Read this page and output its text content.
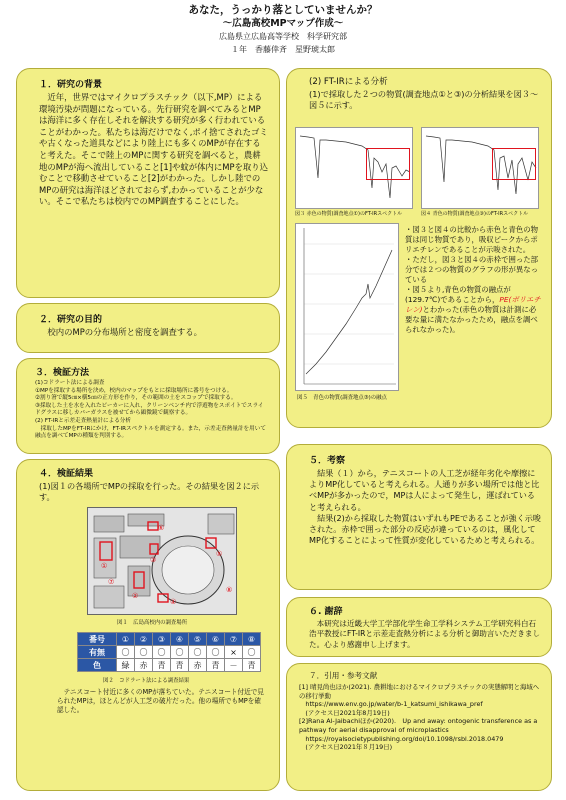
あなた，うっかり落としていませんか？
～広島高校MPマップ作成～
広島県立広島高等学校　科学研究部
１年　香藤倖斉　星野琥太郎
１．研究の背景

　近年，世界ではマイクロプラスチック（以下,MP）による環境汚染が問題になっている。先行研究を調べてみるとMPは海洋に多く存在しそれを解決する研究が多く行われていることがわかった。私たちは海だけでなく,ポイ捨てされたゴミや古くなった道具などにより陸上にも多くのMPが存在すると考えた。そこで陸上のMPに関する研究を調べると，農耕地のMPが海へ流出していること[1]や蚊が体内にMPを取り込むことで移動させていること[2]がわかった。しかし陸でのMPの研究は海洋ほどされておらず,わかっていることが少ない。そこで私たちは校内でのMP調査することにした。

２．研究の目的

　校内のMPの分布場所と密度を調査する。

３．検証方法

(1)コドラート法による調査
①MPを採取する場所を決め，校内のマップをもとに採取場所に番号をつける。
②割り箸で縦5㎝×横5㎝の正方形を作り，その範囲の土をスコップで採取する。
③採取した土を水を入れたビーカーに入れ，クリーンベンチ内で浮遊物をスポイトでスライドグラスに移しカバーガラスを被せてから顕微鏡で観察する。
(2) FT-IRと示差走査熱量計による分析
　採取したMPをFT-IRにかけ，FT-IRスペクトルを測定する。また，示差走査熱量計を用いて融点を調べてMPの種類を判別する。

４．検証結果

(1)図１の各場所でMPの採取を行った。その結果を図２に示す。

①
②
③
④
⑤
⑥
⑦
⑧
図１　広島高校内の調査場所
番号	①	②	③	④	⑤	⑥	⑦	⑧
有無	〇	〇	〇	〇	〇	〇	×	〇
色	緑	赤	青	青	赤	青	－	青
図２　コドラート法による調査結果

　テニスコート付近に多くのMPが落ちていた。テニスコート付近で見られたMPは，ほとんどが人工芝の破片だった。他の場所でもMPを確認した。

(2) FT-IRによる分析

(1)で採取した２つの物質(調査地点①と③)の分析結果を図３～図５に示す。

図３ 赤色の物質(調査地点①)のFT-IRスペクトル	図４ 青色の物質(調査地点③)のFT-IRスペクトル
図５　青色の物質(調査地点③)の融点

・図３と図４の比較から赤色と青色の物質は同じ物質であり，吸収ピークからポリエチレンであることが示唆された。

・ただし，図３と図４の赤枠で囲った部分では２つの物質のグラフの形が異なっている

・図５より,青色の物質の融点が(129.7℃)であることから，PE(ポリエチレン)とわかった(赤色の物質は計測に必要な量に満たなかったため，融点を調べられなかった)。

５．考察

　結果（１）から，テニスコートの人工芝が経年劣化や摩擦によりMP化していると考えられる。人通りが多い場所では他と比べMPが多かったので，MPは人によって発生し，運ばれていると考えられる。
　結果(2)から採取した物質はいずれもPEであることが強く示唆された。赤枠で囲った部分の反応が違っているのは，風化してMP化することによって性質が変化しているためと考えられる。

６. 謝辞

　本研究は近畿大学工学部化学生命工学科システム工学研究科白石浩平教授にFT-IRと示差走査熱分析による分析と御助言いただきました。心より感謝申し上げます。

７．引用・参考文献

[1] 晴見尚也ほか(2021). 農耕地におけるマイクロプラスチックの実態解明と海域への移行挙動
　https://www.env.go.jp/water/b-1_katsumi_ishikawa_pref
　(アクセス日2021年8月19日)
[2]Rana Al-Jaibachiほか(2020).　Up and away: ontogenic transference as a pathway for aerial disapproval of microplastics
　https://royalsocietypublishing.org/doi/10.1098/rsbl.2018.0479
　(アクセス日2021年８月19日)
